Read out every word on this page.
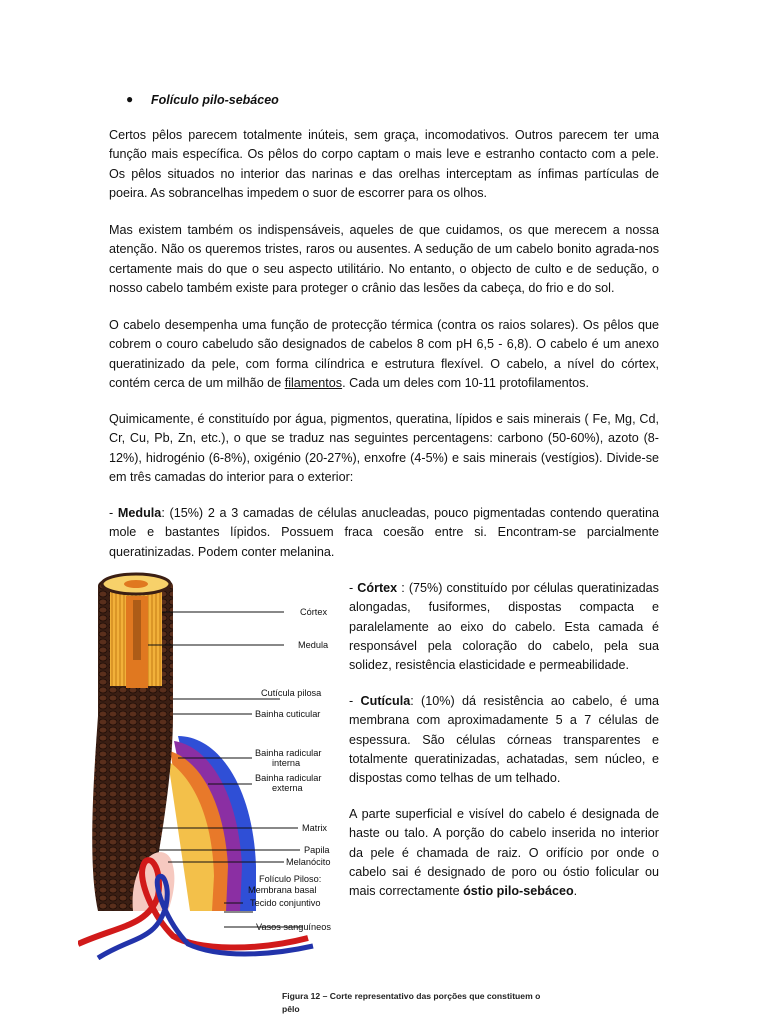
● Folículo pilo-sebáceo
Certos pêlos parecem totalmente inúteis, sem graça, incomodativos. Outros parecem ter uma função mais específica. Os pêlos do corpo captam o mais leve e estranho contacto com a pele. Os pêlos situados no interior das narinas e das orelhas interceptam as ínfimas partículas de poeira. As sobrancelhas impedem o suor de escorrer para os olhos.
Mas existem também os indispensáveis, aqueles de que cuidamos, os que merecem a nossa atenção. Não os queremos tristes, raros ou ausentes. A sedução de um cabelo bonito agrada-nos certamente mais do que o seu aspecto utilitário. No entanto, o objecto de culto e de sedução, o nosso cabelo também existe para proteger o crânio das lesões da cabeça, do frio e do sol.
O cabelo desempenha uma função de protecção térmica (contra os raios solares). Os pêlos que cobrem o couro cabeludo são designados de cabelos 8 com pH 6,5 - 6,8). O cabelo é um anexo queratinizado da pele, com forma cilíndrica e estrutura flexível. O cabelo, a nível do córtex, contém cerca de um milhão de filamentos. Cada um deles com 10-11 protofilamentos.
Quimicamente, é constituído por água, pigmentos, queratina, lípidos e sais minerais ( Fe, Mg, Cd, Cr, Cu, Pb, Zn, etc.), o que se traduz nas seguintes percentagens: carbono (50-60%), azoto (8-12%), hidrogénio (6-8%), oxigénio (20-27%), enxofre (4-5%) e sais minerais (vestígios). Divide-se em três camadas do interior para o exterior:
- Medula: (15%) 2 a 3 camadas de células anucleadas, pouco pigmentadas contendo queratina mole e bastantes lípidos. Possuem fraca coesão entre si. Encontram-se parcialmente queratinizadas. Podem conter melanina.
- Córtex : (75%) constituído por células queratinizadas alongadas, fusiformes, dispostas compacta e paralelamente ao eixo do cabelo. Esta camada é responsável pela coloração do cabelo, pela sua solidez, resistência elasticidade e permeabilidade.
- Cutícula: (10%) dá resistência ao cabelo, é uma membrana com aproximadamente 5 a 7 células de espessura. São células córneas transparentes e totalmente queratinizadas, achatadas, sem núcleo, e dispostas como telhas de um telhado.
A parte superficial e visível do cabelo é designada de haste ou talo. A porção do cabelo inserida no interior da pele é chamada de raiz. O orifício por onde o cabelo sai é designado de poro ou óstio folicular ou mais correctamente óstio pilo-sebáceo.
Córtex
Medula
Cutícula pilosa
Bainha cuticular
Bainha radicular
interna
Bainha radicular
externa
Matrix
Papila
Melanócito
Folículo Piloso:
Membrana basal
Tecido conjuntivo
Vasos sanguíneos
Figura 12 – Corte representativo das porções que constituem o
pêlo
